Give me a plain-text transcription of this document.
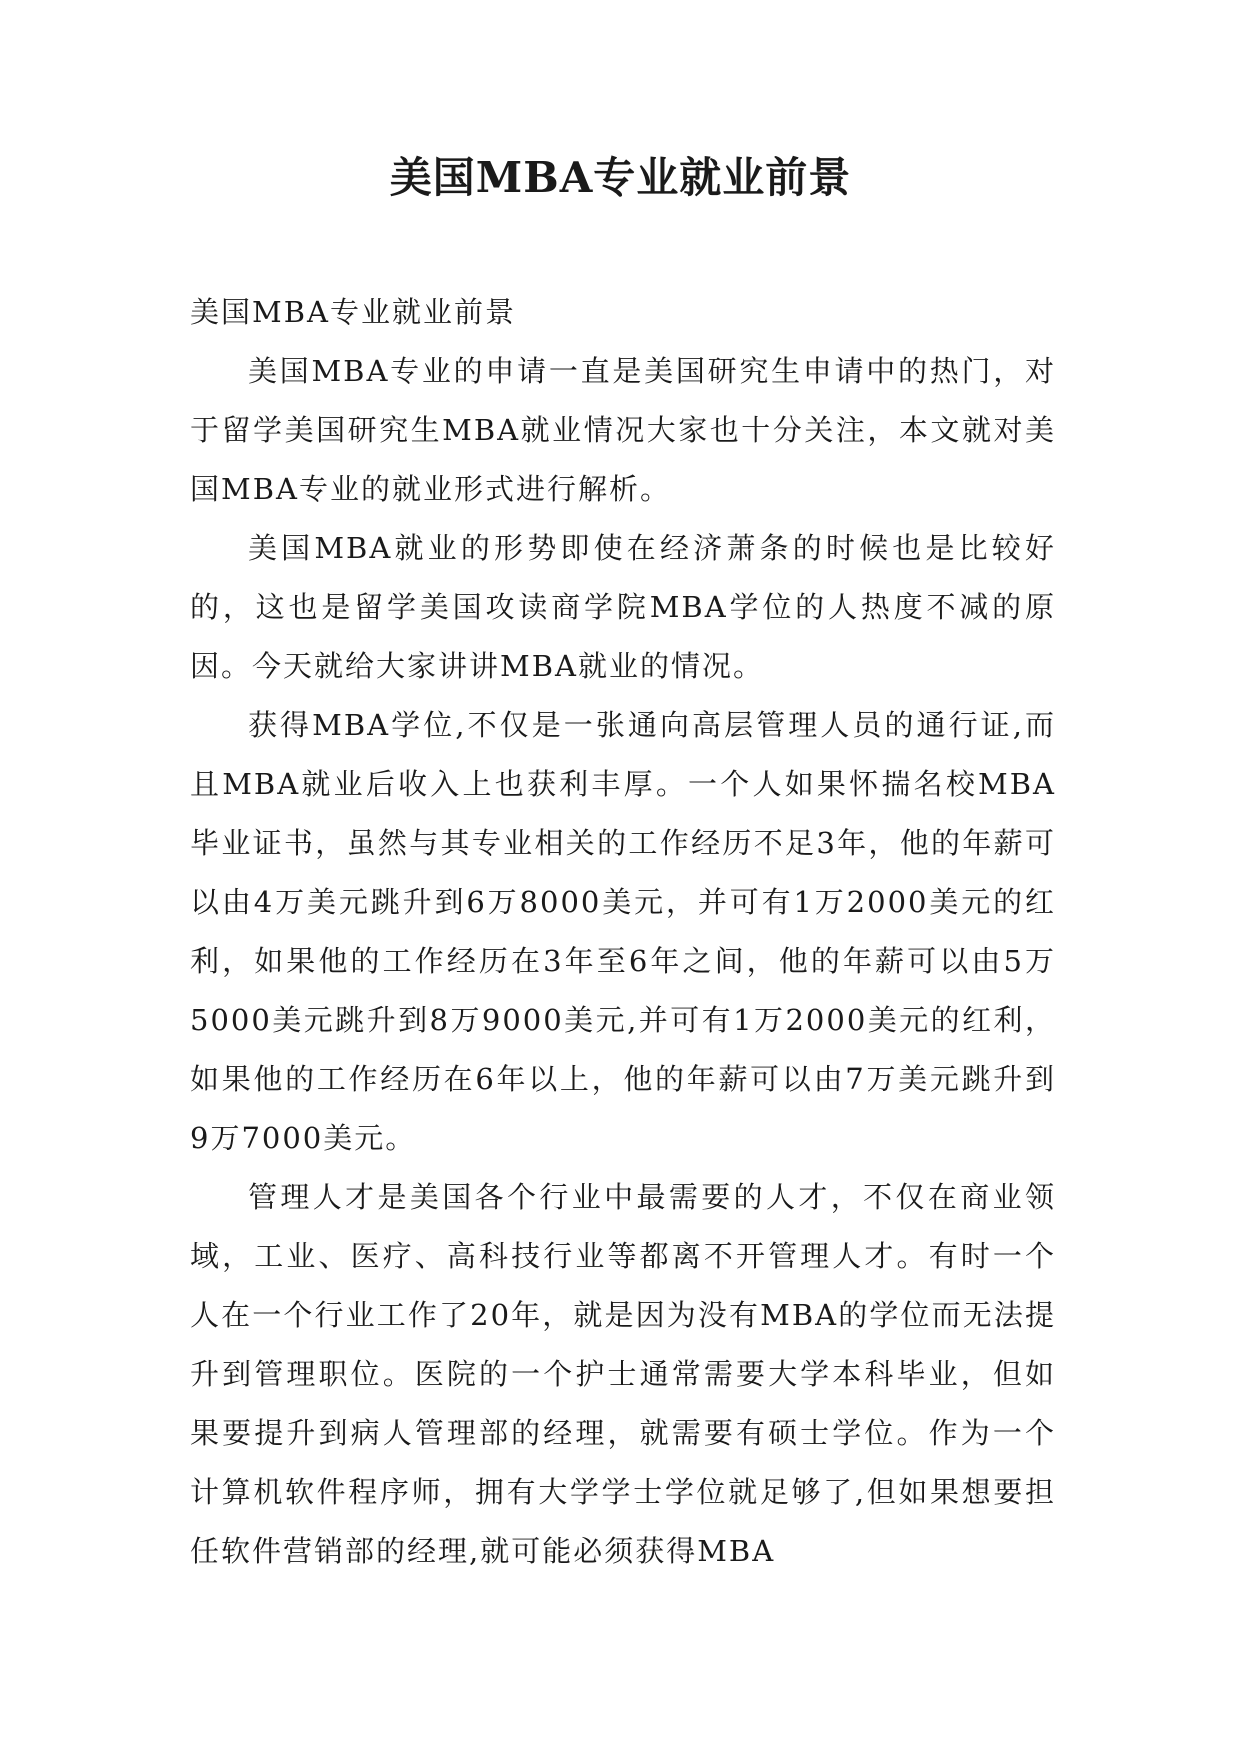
美国MBA专业就业前景

美国MBA专业就业前景

美国MBA专业的申请一直是美国研究生申请中的热门，对于留学美国研究生MBA就业情况大家也十分关注，本文就对美国MBA专业的就业形式进行解析。

美国MBA就业的形势即使在经济萧条的时候也是比较好的，这也是留学美国攻读商学院MBA学位的人热度不减的原因。今天就给大家讲讲MBA就业的情况。

获得MBA学位,不仅是一张通向高层管理人员的通行证,而且MBA就业后收入上也获利丰厚。一个人如果怀揣名校MBA毕业证书，虽然与其专业相关的工作经历不足3年，他的年薪可以由4万美元跳升到6万8000美元，并可有1万2000美元的红利，如果他的工作经历在3年至6年之间，他的年薪可以由5万5000美元跳升到8万9000美元,并可有1万2000美元的红利，如果他的工作经历在6年以上，他的年薪可以由7万美元跳升到9万7000美元。

管理人才是美国各个行业中最需要的人才，不仅在商业领域，工业、医疗、高科技行业等都离不开管理人才。有时一个人在一个行业工作了20年，就是因为没有MBA的学位而无法提升到管理职位。医院的一个护士通常需要大学本科毕业，但如果要提升到病人管理部的经理，就需要有硕士学位。作为一个计算机软件程序师，拥有大学学士学位就足够了,但如果想要担任软件营销部的经理,就可能必须获得MBA
